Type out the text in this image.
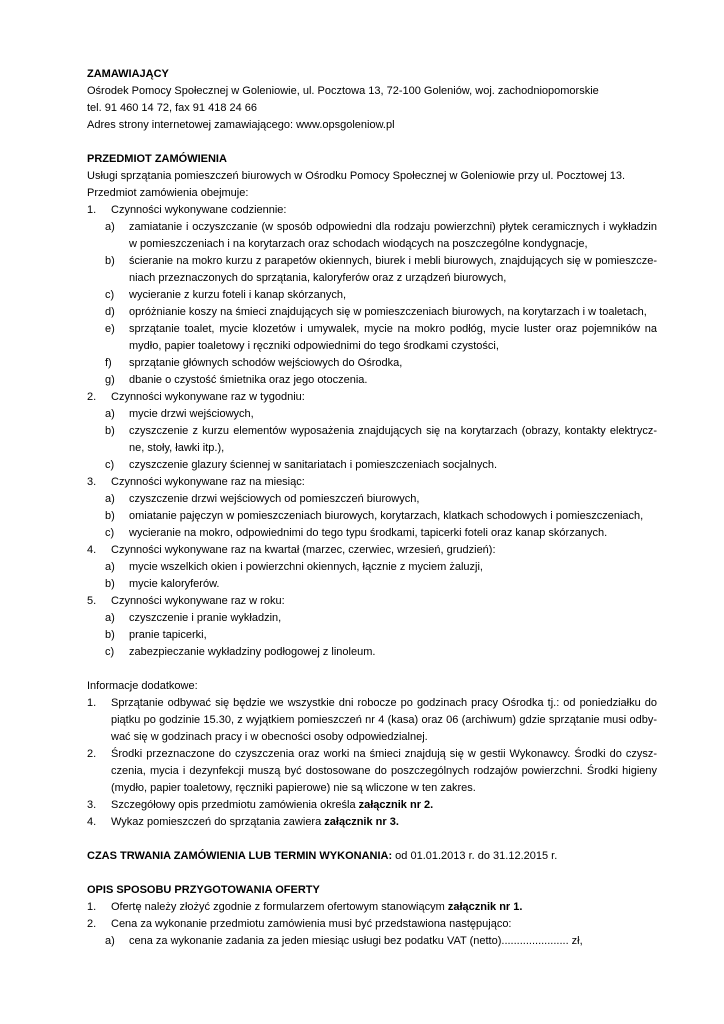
ZAMAWIAJĄCY
Ośrodek Pomocy Społecznej w Goleniowie, ul. Pocztowa 13, 72-100 Goleniów, woj. zachodniopomorskie
tel. 91 460 14 72, fax 91 418 24 66
Adres strony internetowej zamawiającego: www.opsgoleniow.pl
PRZEDMIOT ZAMÓWIENIA
Usługi sprzątania pomieszczeń biurowych w Ośrodku Pomocy Społecznej w Goleniowie przy ul. Pocztowej 13.
Przedmiot zamówienia obejmuje:
1.	Czynności wykonywane codziennie:
a)	zamiatanie i oczyszczanie (w sposób odpowiedni dla rodzaju powierzchni) płytek ceramicznych i wykładzin
w pomieszczeniach i na korytarzach oraz schodach wiodących na poszczególne kondygnacje,
b)	ścieranie na mokro kurzu z parapetów okiennych, biurek i mebli biurowych, znajdujących się w pomieszcze-
niach przeznaczonych do sprzątania, kaloryferów oraz z urządzeń biurowych,
c)	wycieranie z kurzu foteli i kanap skórzanych,
d)	opróżnianie koszy na śmieci znajdujących się w pomieszczeniach biurowych, na korytarzach i w toaletach,
e)	sprzątanie toalet, mycie klozetów i umywalek, mycie na mokro podłóg, mycie luster oraz pojemników na
mydło, papier toaletowy i ręczniki odpowiednimi do tego środkami czystości,
f)	sprzątanie głównych schodów wejściowych do Ośrodka,
g)	dbanie o czystość śmietnika oraz jego otoczenia.
2.	Czynności wykonywane raz w tygodniu:
a)	mycie drzwi wejściowych,
b)	czyszczenie z kurzu elementów wyposażenia znajdujących się na korytarzach (obrazy, kontakty elektrycz-
ne, stoły, ławki itp.),
c)	czyszczenie glazury ściennej w sanitariatach i pomieszczeniach socjalnych.
3.	Czynności wykonywane raz na miesiąc:
a)	czyszczenie drzwi wejściowych od pomieszczeń biurowych,
b)	omiatanie pajęczyn w pomieszczeniach biurowych, korytarzach, klatkach schodowych i pomieszczeniach,
c)	wycieranie na mokro, odpowiednimi do tego typu środkami, tapicerki foteli oraz kanap skórzanych.
4.	Czynności wykonywane raz na kwartał (marzec, czerwiec, wrzesień, grudzień):
a)	mycie wszelkich okien i powierzchni okiennych, łącznie z myciem żaluzji,
b)	mycie kaloryferów.
5.	Czynności wykonywane raz w roku:
a)	czyszczenie i pranie wykładzin,
b)	pranie tapicerki,
c)	zabezpieczanie wykładziny podłogowej z linoleum.
Informacje dodatkowe:
1.	Sprzątanie odbywać się będzie we wszystkie dni robocze po godzinach pracy Ośrodka tj.: od poniedziałku do
piątku po godzinie 15.30, z wyjątkiem pomieszczeń nr 4 (kasa) oraz 06 (archiwum) gdzie sprzątanie musi odby-
wać się w godzinach pracy i w obecności osoby odpowiedzialnej.
2.	Środki przeznaczone do czyszczenia oraz worki na śmieci znajdują się w gestii Wykonawcy. Środki do czysz-
czenia, mycia i dezynfekcji muszą być dostosowane do poszczególnych rodzajów powierzchni. Środki higieny
(mydło, papier toaletowy, ręczniki papierowe) nie są wliczone w ten zakres.
3.	Szczegółowy opis przedmiotu zamówienia określa załącznik nr 2.
4.	Wykaz pomieszczeń do sprzątania zawiera załącznik nr 3.
CZAS TRWANIA ZAMÓWIENIA LUB TERMIN WYKONANIA: od 01.01.2013 r. do 31.12.2015 r.
OPIS SPOSOBU PRZYGOTOWANIA OFERTY
1.	Ofertę należy złożyć zgodnie z formularzem ofertowym stanowiącym załącznik nr 1.
2.	Cena za wykonanie przedmiotu zamówienia musi być przedstawiona następująco:
a)	cena za wykonanie zadania za jeden miesiąc usługi bez podatku VAT (netto)...................... zł,
